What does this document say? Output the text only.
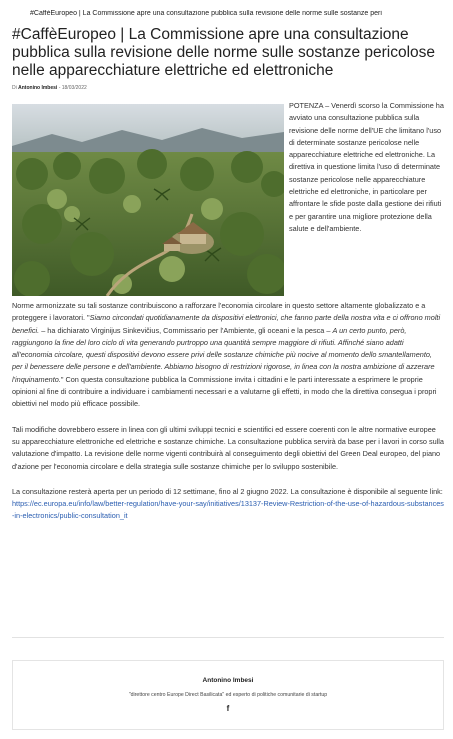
#CaffèEuropeo | La Commissione apre una consultazione pubblica sulla revisione delle norme sulle sostanze peri
#CaffèEuropeo | La Commissione apre una consultazione pubblica sulla revisione delle norme sulle sostanze pericolose nelle apparecchiature elettriche ed elettroniche
Di Antonino Imbesi - 18/03/2022

POTENZA – Venerdì scorso la Commissione ha avviato una consultazione pubblica sulla revisione delle norme dell'UE che limitano l'uso di determinate sostanze pericolose nelle apparecchiature elettriche ed elettroniche. La direttiva in questione limita l'uso di determinate sostanze pericolose nelle apparecchiature elettriche ed elettroniche, in particolare per affrontare le sfide poste dalla gestione dei rifiuti e per garantire una migliore protezione della salute e dell'ambiente.

Norme armonizzate su tali sostanze contribuiscono a rafforzare l'economia circolare in questo settore altamente globalizzato e a proteggere i lavoratori. "Siamo circondati quotidianamente da dispositivi elettronici, che fanno parte della nostra vita e ci offrono molti benefici. – ha dichiarato Virginijus Sinkevičius, Commissario per l'Ambiente, gli oceani e la pesca – A un certo punto, però, raggiungono la fine del loro ciclo di vita generando purtroppo una quantità sempre maggiore di rifiuti. Affinché siano adatti all'economia circolare, questi dispositivi devono essere privi delle sostanze chimiche più nocive al momento dello smantellamento, per il benessere delle persone e dell'ambiente. Abbiamo bisogno di restrizioni rigorose, in linea con la nostra ambizione di azzerare l'inquinamento." Con questa consultazione pubblica la Commissione invita i cittadini e le parti interessate a esprimere le proprie opinioni al fine di contribuire a individuare i cambiamenti necessari e a valutarne gli effetti, in modo che la direttiva consegua i propri obiettivi nel modo più efficace possibile.

Tali modifiche dovrebbero essere in linea con gli ultimi sviluppi tecnici e scientifici ed essere coerenti con le altre normative europee su apparecchiature elettroniche ed elettriche e sostanze chimiche. La consultazione pubblica servirà da base per i lavori in corso sulla valutazione d'impatto. La revisione delle norme vigenti contribuirà al conseguimento degli obiettivi del Green Deal europeo, del piano d'azione per l'economia circolare e della strategia sulle sostanze chimiche per lo sviluppo sostenibile.

La consultazione resterà aperta per un periodo di 12 settimane, fino al 2 giugno 2022. La consultazione è disponibile al seguente link: https://ec.europa.eu/info/law/better-regulation/have-your-say/initiatives/13137-Review-Restriction-of-the-use-of-hazardous-substances-in-electronics/public-consultation_it

Antonino Imbesi
"direttore centro Europe Direct Basilicata" ed esperto di politiche comunitarie di startup
f
